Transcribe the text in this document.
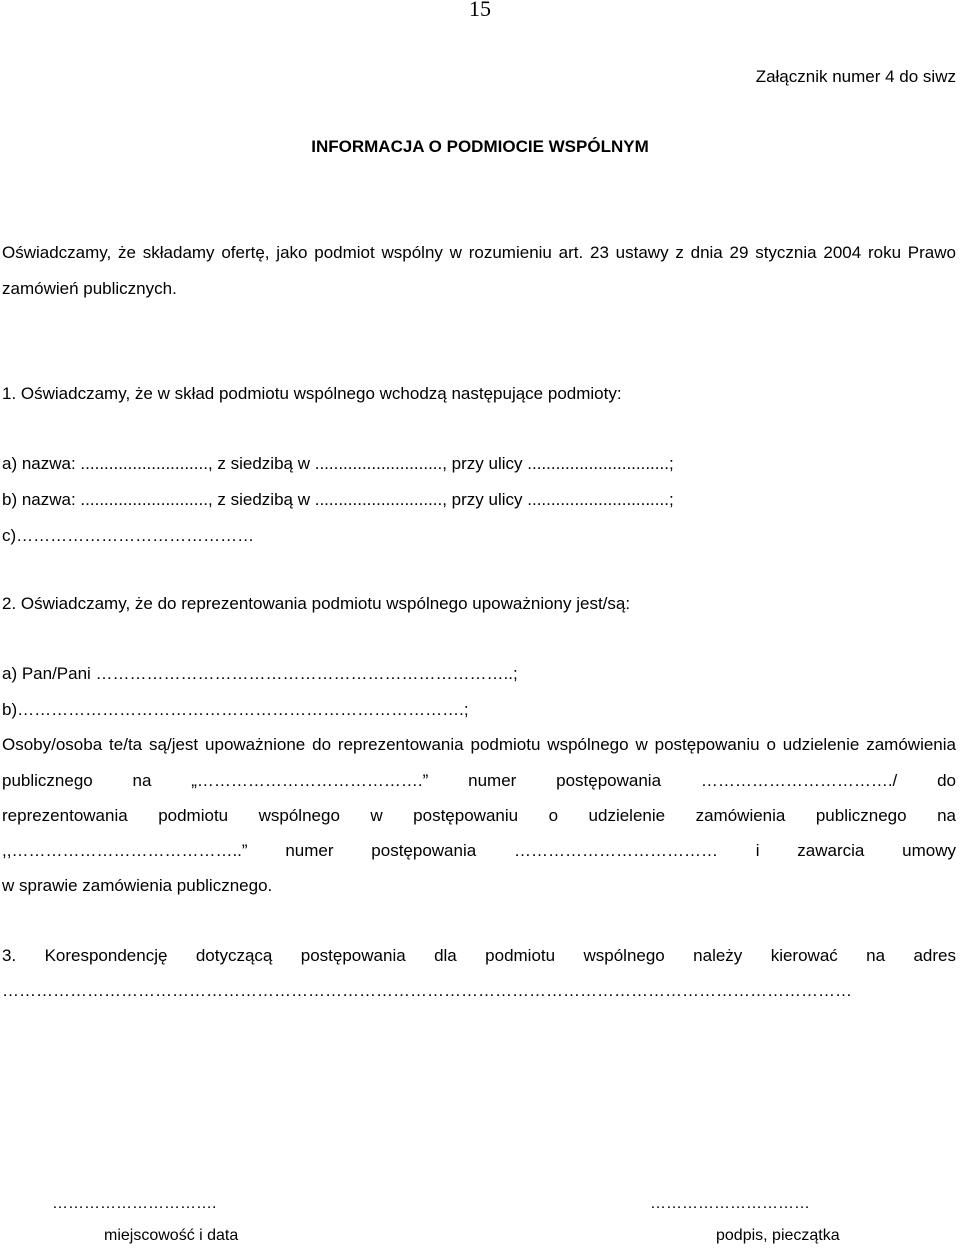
15
Załącznik numer 4 do siwz
INFORMACJA O PODMIOCIE WSPÓLNYM
Oświadczamy, że składamy ofertę, jako podmiot wspólny w rozumieniu art. 23 ustawy z dnia 29 stycznia 2004 roku Prawo
zamówień publicznych.
1. Oświadczamy, że w skład podmiotu wspólnego wchodzą następujące podmioty:
a) nazwa: ..........................., z siedzibą w ..........................., przy ulicy ..............................;
b) nazwa: ..........................., z siedzibą w ..........................., przy ulicy ..............................;
c)……………………………………
2. Oświadczamy, że do reprezentowania podmiotu wspólnego upoważniony jest/są:
a) Pan/Pani ………………………………………………………………..;
b)…………………………………………………………………….;
Osoby/osoba te/ta są/jest upoważnione do reprezentowania podmiotu wspólnego w postępowaniu o udzielenie zamówienia
publicznego na „………………………………….” numer postępowania ……………………………./ do
reprezentowania podmiotu wspólnego w postępowaniu o udzielenie zamówienia publicznego na
,,…………………………………..” numer postępowania ……………………………… i zawarcia umowy
w sprawie zamówienia publicznego.
3. Korespondencję dotyczącą postępowania dla podmiotu wspólnego należy kierować na adres
……………………………………………………………………………………………………………………………………
………………………….
miejscowość i data
…………………………
podpis, pieczątka
